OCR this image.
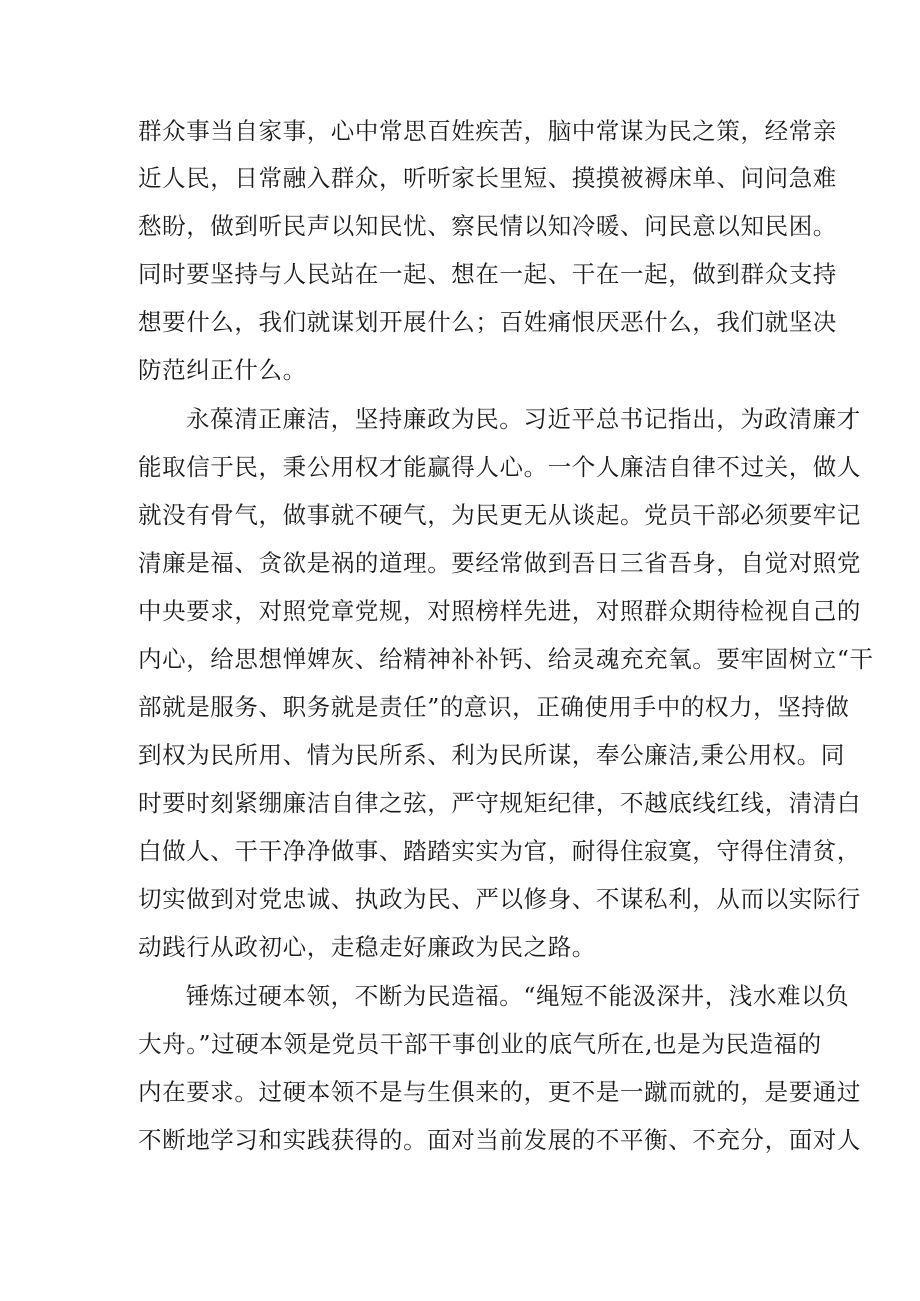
群众事当自家事，心中常思百姓疾苦，脑中常谋为民之策，经常亲
近人民，日常融入群众，听听家长里短、摸摸被褥床单、问问急难
愁盼，做到听民声以知民忧、察民情以知冷暖、问民意以知民困。
同时要坚持与人民站在一起、想在一起、干在一起，做到群众支持
想要什么，我们就谋划开展什么；百姓痛恨厌恶什么，我们就坚决
防范纠正什么。
永葆清正廉洁，坚持廉政为民。习近平总书记指出，为政清廉才
能取信于民，秉公用权才能赢得人心。一个人廉洁自律不过关，做人
就没有骨气，做事就不硬气，为民更无从谈起。党员干部必须要牢记
清廉是福、贪欲是祸的道理。要经常做到吾日三省吾身，自觉对照党
中央要求，对照党章党规，对照榜样先进，对照群众期待检视自己的
内心，给思想惮婢灰、给精神补补钙、给灵魂充充氧。要牢固树立“干
部就是服务、职务就是责任”的意识，正确使用手中的权力，坚持做
到权为民所用、情为民所系、利为民所谋，奉公廉洁,秉公用权。同
时要时刻紧绷廉洁自律之弦，严守规矩纪律，不越底线红线，清清白
白做人、干干净净做事、踏踏实实为官，耐得住寂寞，守得住清贫，
切实做到对党忠诚、执政为民、严以修身、不谋私利，从而以实际行
动践行从政初心，走稳走好廉政为民之路。
锤炼过硬本领，不断为民造福。“绳短不能汲深井，浅水难以负
大舟。”过硬本领是党员干部干事创业的底气所在,也是为民造福的
内在要求。过硬本领不是与生俱来的，更不是一蹴而就的，是要通过
不断地学习和实践获得的。面对当前发展的不平衡、不充分，面对人
